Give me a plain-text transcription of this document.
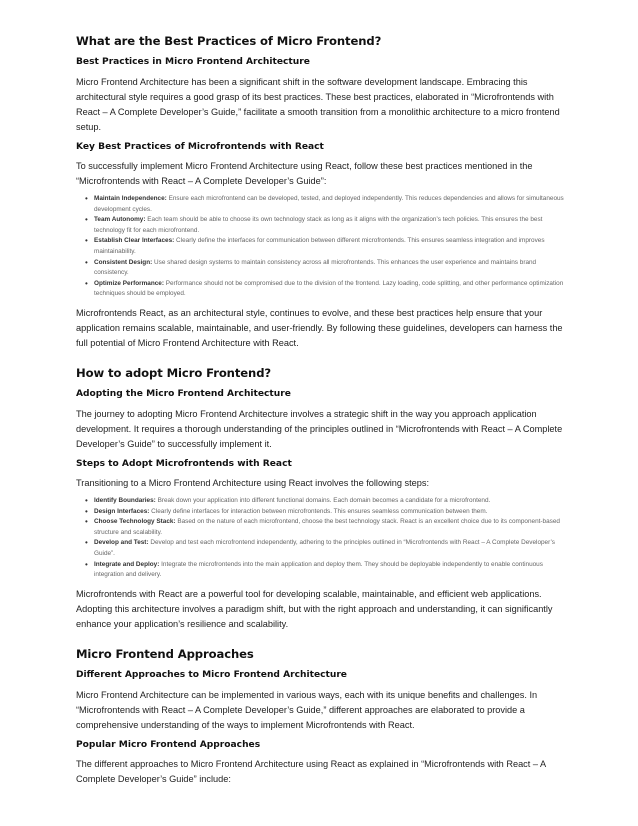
What are the Best Practices of Micro Frontend?
Best Practices in Micro Frontend Architecture

Micro Frontend Architecture has been a significant shift in the software development landscape. Embracing this architectural style requires a good grasp of its best practices. These best practices, elaborated in “Microfrontends with React – A Complete Developer’s Guide,” facilitate a smooth transition from a monolithic architecture to a micro frontend setup.

Key Best Practices of Microfrontends with React

To successfully implement Micro Frontend Architecture using React, follow these best practices mentioned in the “Microfrontends with React – A Complete Developer’s Guide”:

• Maintain Independence: Ensure each microfrontend can be developed, tested, and deployed independently. This reduces dependencies and allows for simultaneous development cycles.
• Team Autonomy: Each team should be able to choose its own technology stack as long as it aligns with the organization’s tech policies. This ensures the best technology fit for each microfrontend.
• Establish Clear Interfaces: Clearly define the interfaces for communication between different microfrontends. This ensures seamless integration and improves maintainability.
• Consistent Design: Use shared design systems to maintain consistency across all microfrontends. This enhances the user experience and maintains brand consistency.
• Optimize Performance: Performance should not be compromised due to the division of the frontend. Lazy loading, code splitting, and other performance optimization techniques should be employed.

Microfrontends React, as an architectural style, continues to evolve, and these best practices help ensure that your application remains scalable, maintainable, and user-friendly. By following these guidelines, developers can harness the full potential of Micro Frontend Architecture with React.

How to adopt Micro Frontend?
Adopting the Micro Frontend Architecture

The journey to adopting Micro Frontend Architecture involves a strategic shift in the way you approach application development. It requires a thorough understanding of the principles outlined in “Microfrontends with React – A Complete Developer’s Guide” to successfully implement it.

Steps to Adopt Microfrontends with React

Transitioning to a Micro Frontend Architecture using React involves the following steps:

• Identify Boundaries: Break down your application into different functional domains. Each domain becomes a candidate for a microfrontend.
• Design Interfaces: Clearly define interfaces for interaction between microfrontends. This ensures seamless communication between them.
• Choose Technology Stack: Based on the nature of each microfrontend, choose the best technology stack. React is an excellent choice due to its component-based structure and scalability.
• Develop and Test: Develop and test each microfrontend independently, adhering to the principles outlined in “Microfrontends with React – A Complete Developer’s Guide”.
• Integrate and Deploy: Integrate the microfrontends into the main application and deploy them. They should be deployable independently to enable continuous integration and delivery.

Microfrontends with React are a powerful tool for developing scalable, maintainable, and efficient web applications. Adopting this architecture involves a paradigm shift, but with the right approach and understanding, it can significantly enhance your application’s resilience and scalability.

Micro Frontend Approaches
Different Approaches to Micro Frontend Architecture

Micro Frontend Architecture can be implemented in various ways, each with its unique benefits and challenges. In “Microfrontends with React – A Complete Developer’s Guide,” different approaches are elaborated to provide a comprehensive understanding of the ways to implement Microfrontends with React.

Popular Micro Frontend Approaches

The different approaches to Micro Frontend Architecture using React as explained in “Microfrontends with React – A Complete Developer’s Guide” include:
